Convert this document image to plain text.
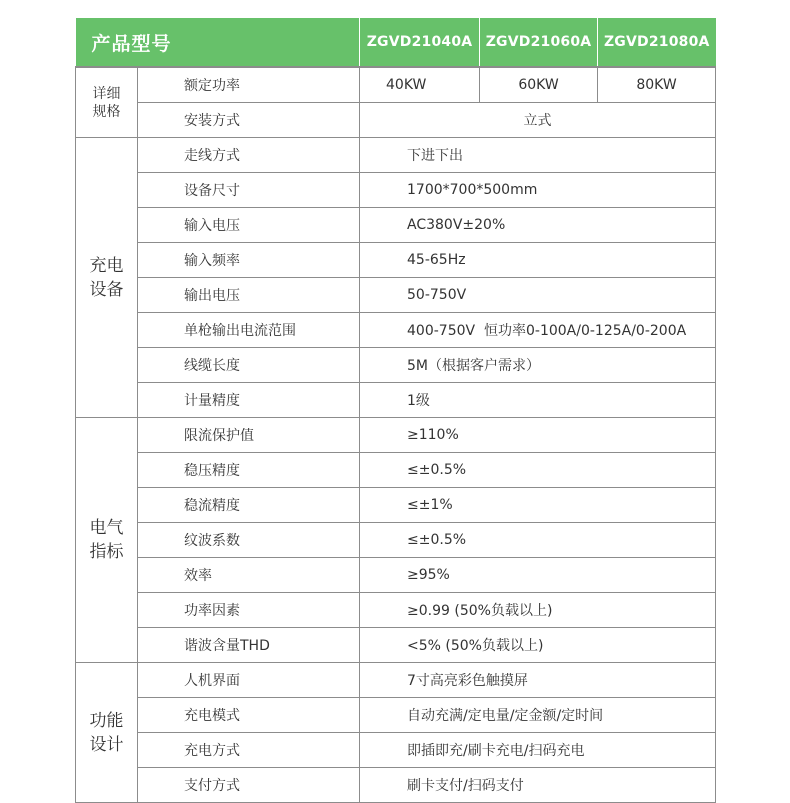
产品型号		ZGVD21040A	ZGVD21060A	ZGVD21080A
详细
规格	额定功率	40KW	60KW	80KW
	安装方式	立式		
充电
设备	走线方式	下进下出		
	设备尺寸	1700*700*500mm		
	输入电压	AC380V±20%		
	输入频率	45-65Hz		
	输出电压	50-750V		
	单枪输出电流范围	400-750V  恒功率0-100A/0-125A/0-200A		
	线缆长度	5M（根据客户需求）		
	计量精度	1级		
电气
指标	限流保护值	≥110%		
	稳压精度	≤±0.5%		
	稳流精度	≤±1%		
	纹波系数	≤±0.5%		
	效率	≥95%		
	功率因素	≥0.99 (50%负载以上)		
	谐波含量THD	<5% (50%负载以上)		
功能
设计	人机界面	7寸高亮彩色触摸屏		
	充电模式	自动充满/定电量/定金额/定时间		
	充电方式	即插即充/刷卡充电/扫码充电		
	支付方式	刷卡支付/扫码支付		
